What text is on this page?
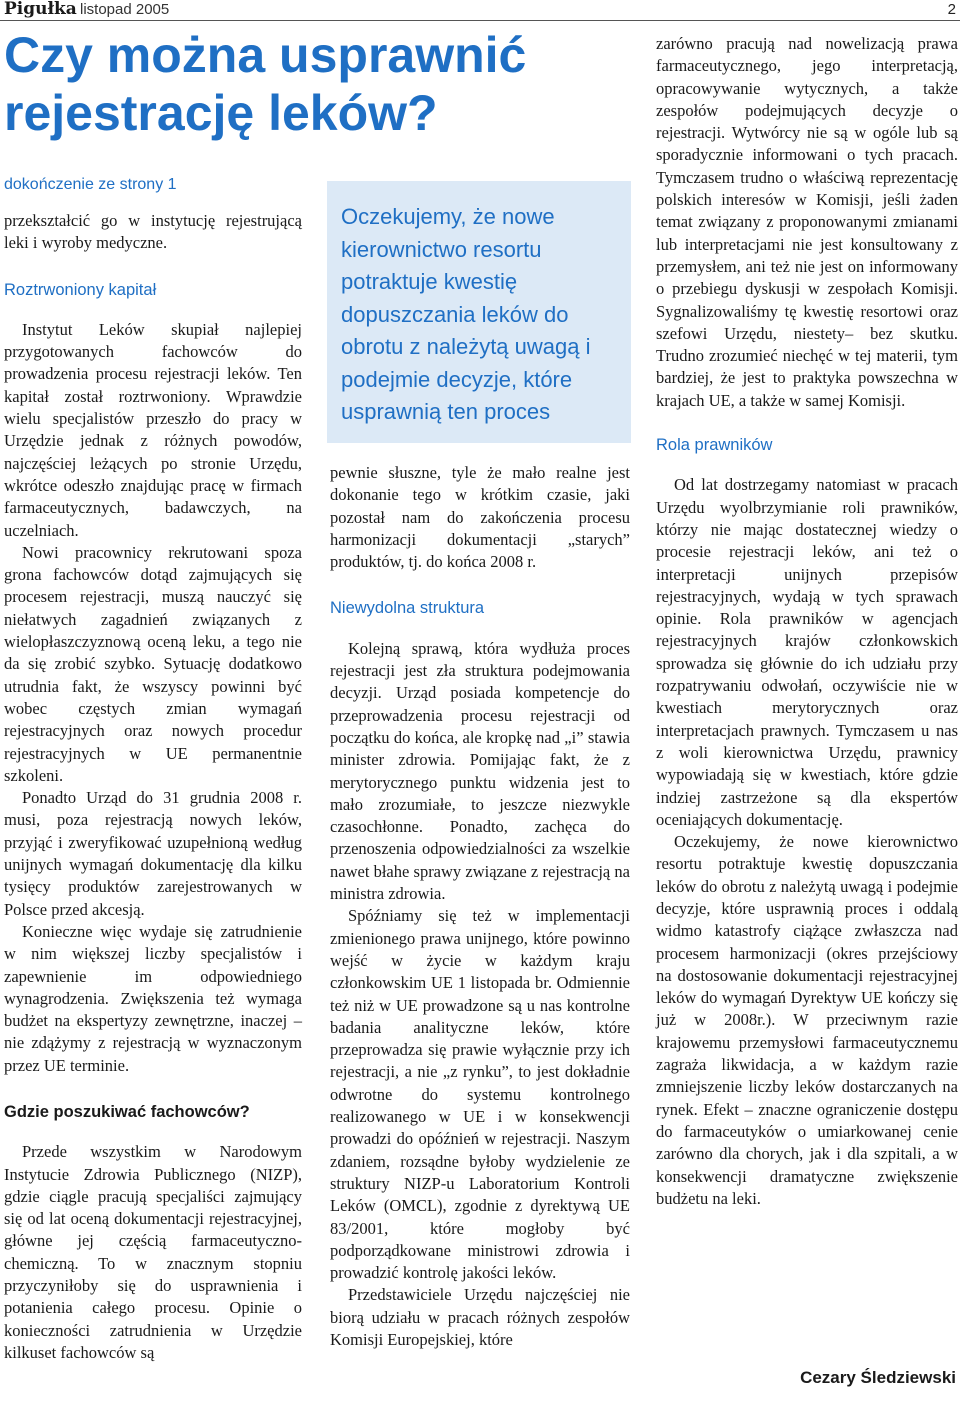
Pigułka listopad 2005	2
Czy można usprawnić rejestrację leków?
dokończenie ze strony 1

przekształcić go w instytucję rejestrującą leki i wyroby medyczne.

Roztrwoniony kapitał

Instytut Leków skupiał najlepiej przygotowanych fachowców do prowadzenia procesu rejestracji leków. Ten kapitał został roztrwoniony. Wprawdzie wielu specjalistów przeszło do pracy w Urzędzie jednak z różnych powodów, najczęściej leżących po stronie Urzędu, wkrótce odeszło znajdując pracę w firmach farmaceutycznych, badawczych, na uczelniach.

Nowi pracownicy rekrutowani spoza grona fachowców dotąd zajmujących się procesem rejestracji, muszą nauczyć się niełatwych zagadnień związanych z wielopłaszczyznową oceną leku, a tego nie da się zrobić szybko. Sytuację dodatkowo utrudnia fakt, że wszyscy powinni być wobec częstych zmian wymagań rejestracyjnych oraz nowych procedur rejestracyjnych w UE permanentnie szkoleni.

Ponadto Urząd do 31 grudnia 2008 r. musi, poza rejestracją nowych leków, przyjąć i zweryfikować uzupełnioną według unijnych wymagań dokumentację dla kilku tysięcy produktów zarejestrowanych w Polsce przed akcesją.

Konieczne więc wydaje się zatrudnienie w nim większej liczby specjalistów i zapewnienie im odpowiedniego wynagrodzenia. Zwiększenia też wymaga budżet na ekspertyzy zewnętrzne, inaczej – nie zdążymy z rejestracją w wyznaczonym przez UE terminie.

Gdzie poszukiwać fachowców?

Przede wszystkim w Narodowym Instytucie Zdrowia Publicznego (NIZP), gdzie ciągle pracują specjaliści zajmujący się od lat oceną dokumentacji rejestracyjnej, główne jej częścią farmaceutyczno-chemiczną. To w znacznym stopniu przyczyniłoby się do usprawnienia i potanienia całego procesu. Opinie o konieczności zatrudnienia w Urzędzie kilkuset fachowców są

Oczekujemy, że nowe kierownictwo resortu potraktuje kwestię dopuszczania leków do obrotu z należytą uwagą i podejmie decyzje, które usprawnią ten proces

pewnie słuszne, tyle że mało realne jest dokonanie tego w krótkim czasie, jaki pozostał nam do zakończenia procesu harmonizacji dokumentacji „starych” produktów, tj. do końca 2008 r.

Niewydolna struktura

Kolejną sprawą, która wydłuża proces rejestracji jest zła struktura podejmowania decyzji. Urząd posiada kompetencje do przeprowadzenia procesu rejestracji od początku do końca, ale kropkę nad „i” stawia minister zdrowia. Pomijając fakt, że z merytorycznego punktu widzenia jest to mało zrozumiałe, to jeszcze niezwykle czasochłonne. Ponadto, zachęca do przenoszenia odpowiedzialności za wszelkie nawet błahe sprawy związane z rejestracją na ministra zdrowia.

Spóźniamy się też w implementacji zmienionego prawa unijnego, które powinno wejść w życie w każdym kraju członkowskim UE 1 listopada br. Odmiennie też niż w UE prowadzone są u nas kontrolne badania analityczne leków, które przeprowadza się prawie wyłącznie przy ich rejestracji, a nie „z rynku”, to jest dokładnie odwrotne do systemu kontrolnego realizowanego w UE i w konsekwencji prowadzi do opóźnień w rejestracji. Naszym zdaniem, rozsądne byłoby wydzielenie ze struktury NIZP-u Laboratorium Kontroli Leków (OMCL), zgodnie z dyrektywą UE 83/2001, które mogłoby być podporządkowane ministrowi zdrowia i prowadzić kontrolę jakości leków.

Przedstawiciele Urzędu najczęściej nie biorą udziału w pracach różnych zespołów Komisji Europejskiej, które

zarówno pracują nad nowelizacją prawa farmaceutycznego, jego interpretacją, opracowywanie wytycznych, a także zespołów podejmujących decyzje o rejestracji. Wytwórcy nie są w ogóle lub są sporadycznie informowani o tych pracach. Tymczasem trudno o właściwą reprezentację polskich interesów w Komisji, jeśli żaden temat związany z proponowanymi zmianami lub interpretacjami nie jest konsultowany z przemysłem, ani też nie jest on informowany o przebiegu dyskusji w zespołach Komisji. Sygnalizowaliśmy tę kwestię resortowi oraz szefowi Urzędu, niestety– bez skutku. Trudno zrozumieć niechęć w tej materii, tym bardziej, że jest to praktyka powszechna w krajach UE, a także w samej Komisji.

Rola prawników

Od lat dostrzegamy natomiast w pracach Urzędu wyolbrzymianie roli prawników, którzy nie mając dostatecznej wiedzy o procesie rejestracji leków, ani też o interpretacji unijnych przepisów rejestracyjnych, wydają w tych sprawach opinie. Rola prawników w agencjach rejestracyjnych krajów członkowskich sprowadza się głównie do ich udziału przy rozpatrywaniu odwołań, oczywiście nie w kwestiach merytorycznych oraz interpretacjach prawnych. Tymczasem u nas z woli kierownictwa Urzędu, prawnicy wypowiadają się w kwestiach, które gdzie indziej zastrzeżone są dla ekspertów oceniających dokumentację.

Oczekujemy, że nowe kierownictwo resortu potraktuje kwestię dopuszczania leków do obrotu z należytą uwagą i podejmie decyzje, które usprawnią proces i oddalą widmo katastrofy ciążące zwłaszcza nad procesem harmonizacji (okres przejściowy na dostosowanie dokumentacji rejestracyjnej leków do wymagań Dyrektyw UE kończy się już w 2008r.). W przeciwnym razie krajowemu przemysłowi farmaceutycznemu zagraża likwidacja, a w każdym razie zmniejszenie liczby leków dostarczanych na rynek. Efekt – znaczne ograniczenie dostępu do farmaceutyków o umiarkowanej cenie zarówno dla chorych, jak i dla szpitali, a w konsekwencji dramatyczne zwiększenie budżetu na leki.

Cezary Śledziewski
